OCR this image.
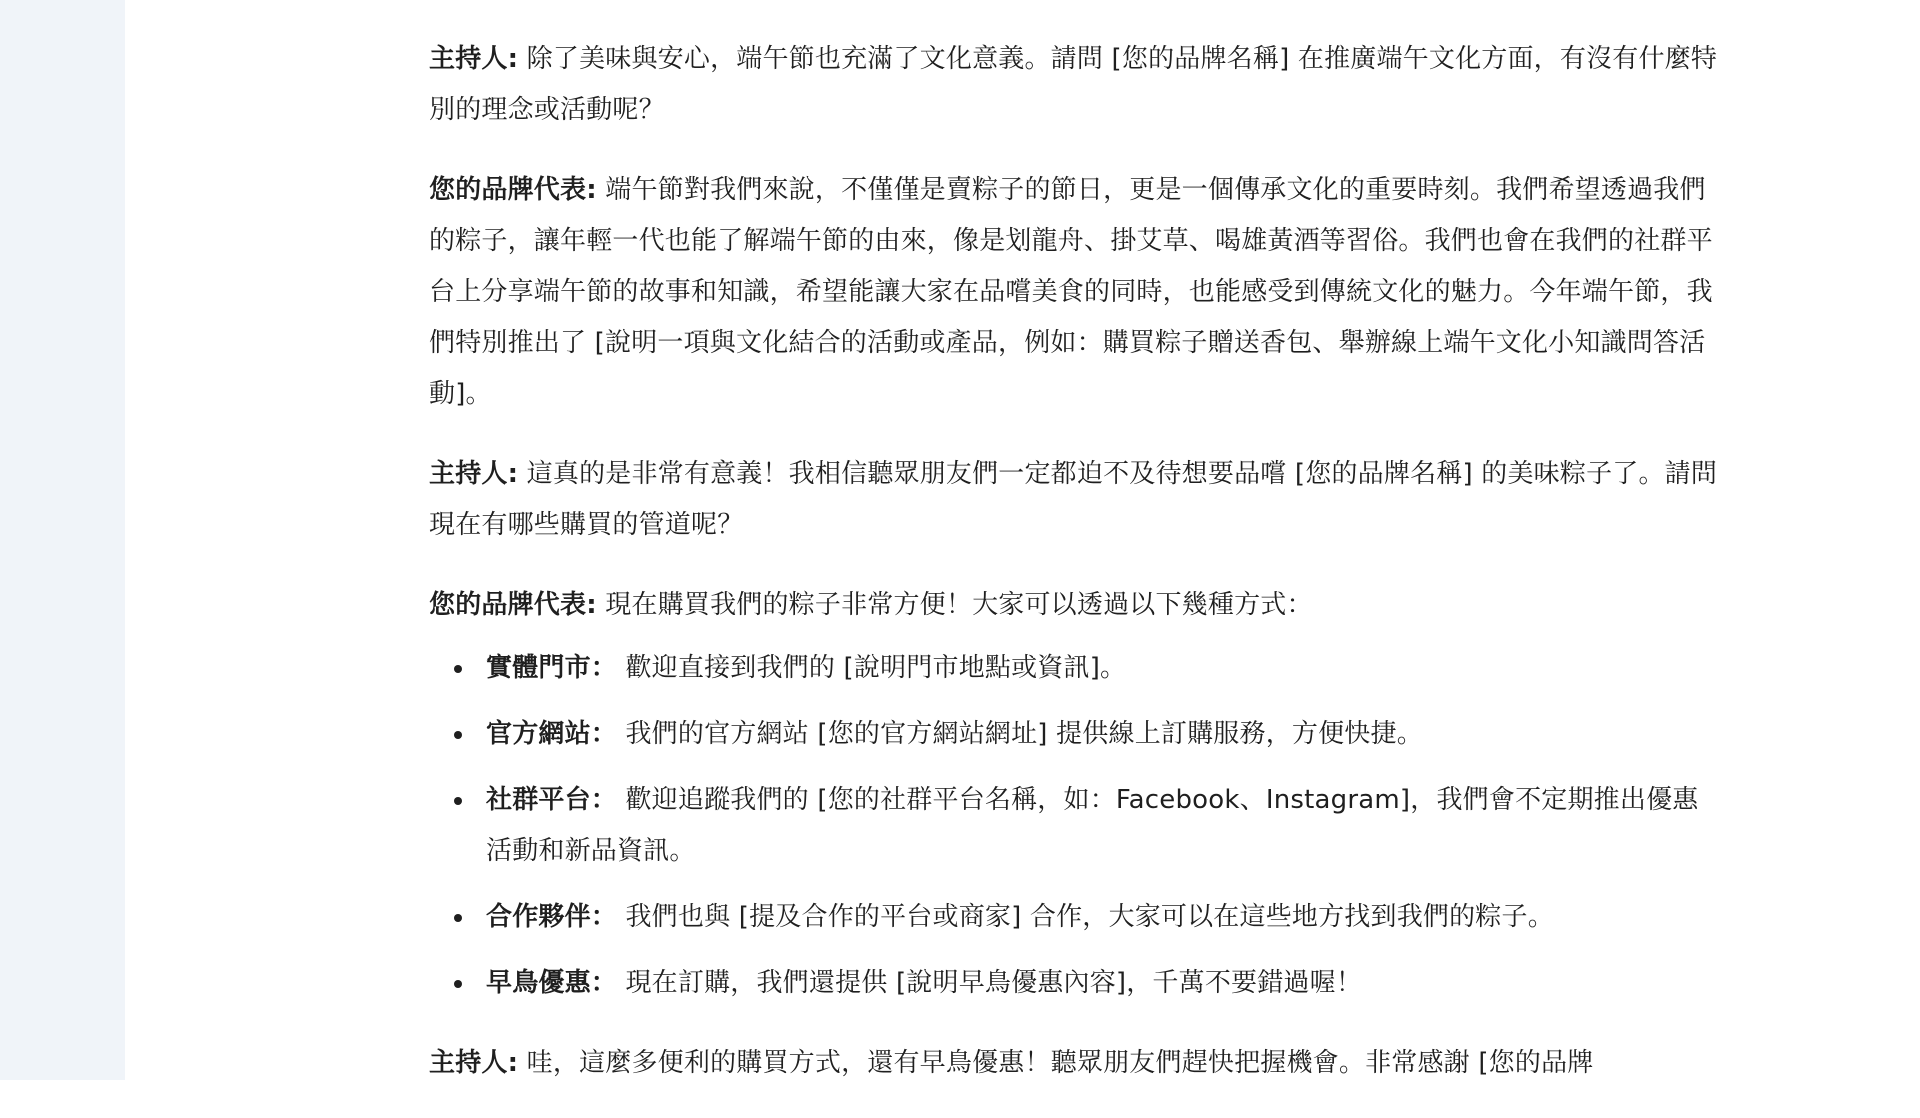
主持人: 除了美味與安心，端午節也充滿了文化意義。請問 [您的品牌名稱] 在推廣端午文化方面，有沒有什麼特別的理念或活動呢？

您的品牌代表: 端午節對我們來說，不僅僅是賣粽子的節日，更是一個傳承文化的重要時刻。我們希望透過我們的粽子，讓年輕一代也能了解端午節的由來，像是划龍舟、掛艾草、喝雄黃酒等習俗。我們也會在我們的社群平台上分享端午節的故事和知識，希望能讓大家在品嚐美食的同時，也能感受到傳統文化的魅力。今年端午節，我們特別推出了 [說明一項與文化結合的活動或產品，例如：購買粽子贈送香包、舉辦線上端午文化小知識問答活動]。

主持人: 這真的是非常有意義！我相信聽眾朋友們一定都迫不及待想要品嚐 [您的品牌名稱] 的美味粽子了。請問現在有哪些購買的管道呢？

您的品牌代表: 現在購買我們的粽子非常方便！大家可以透過以下幾種方式：

實體門市： 歡迎直接到我們的 [說明門市地點或資訊]。
官方網站： 我們的官方網站 [您的官方網站網址] 提供線上訂購服務，方便快捷。
社群平台： 歡迎追蹤我們的 [您的社群平台名稱，如：Facebook、Instagram]，我們會不定期推出優惠活動和新品資訊。
合作夥伴： 我們也與 [提及合作的平台或商家] 合作，大家可以在這些地方找到我們的粽子。
早鳥優惠： 現在訂購，我們還提供 [說明早鳥優惠內容]，千萬不要錯過喔！

主持人: 哇，這麼多便利的購買方式，還有早鳥優惠！聽眾朋友們趕快把握機會。非常感謝 [您的品牌
